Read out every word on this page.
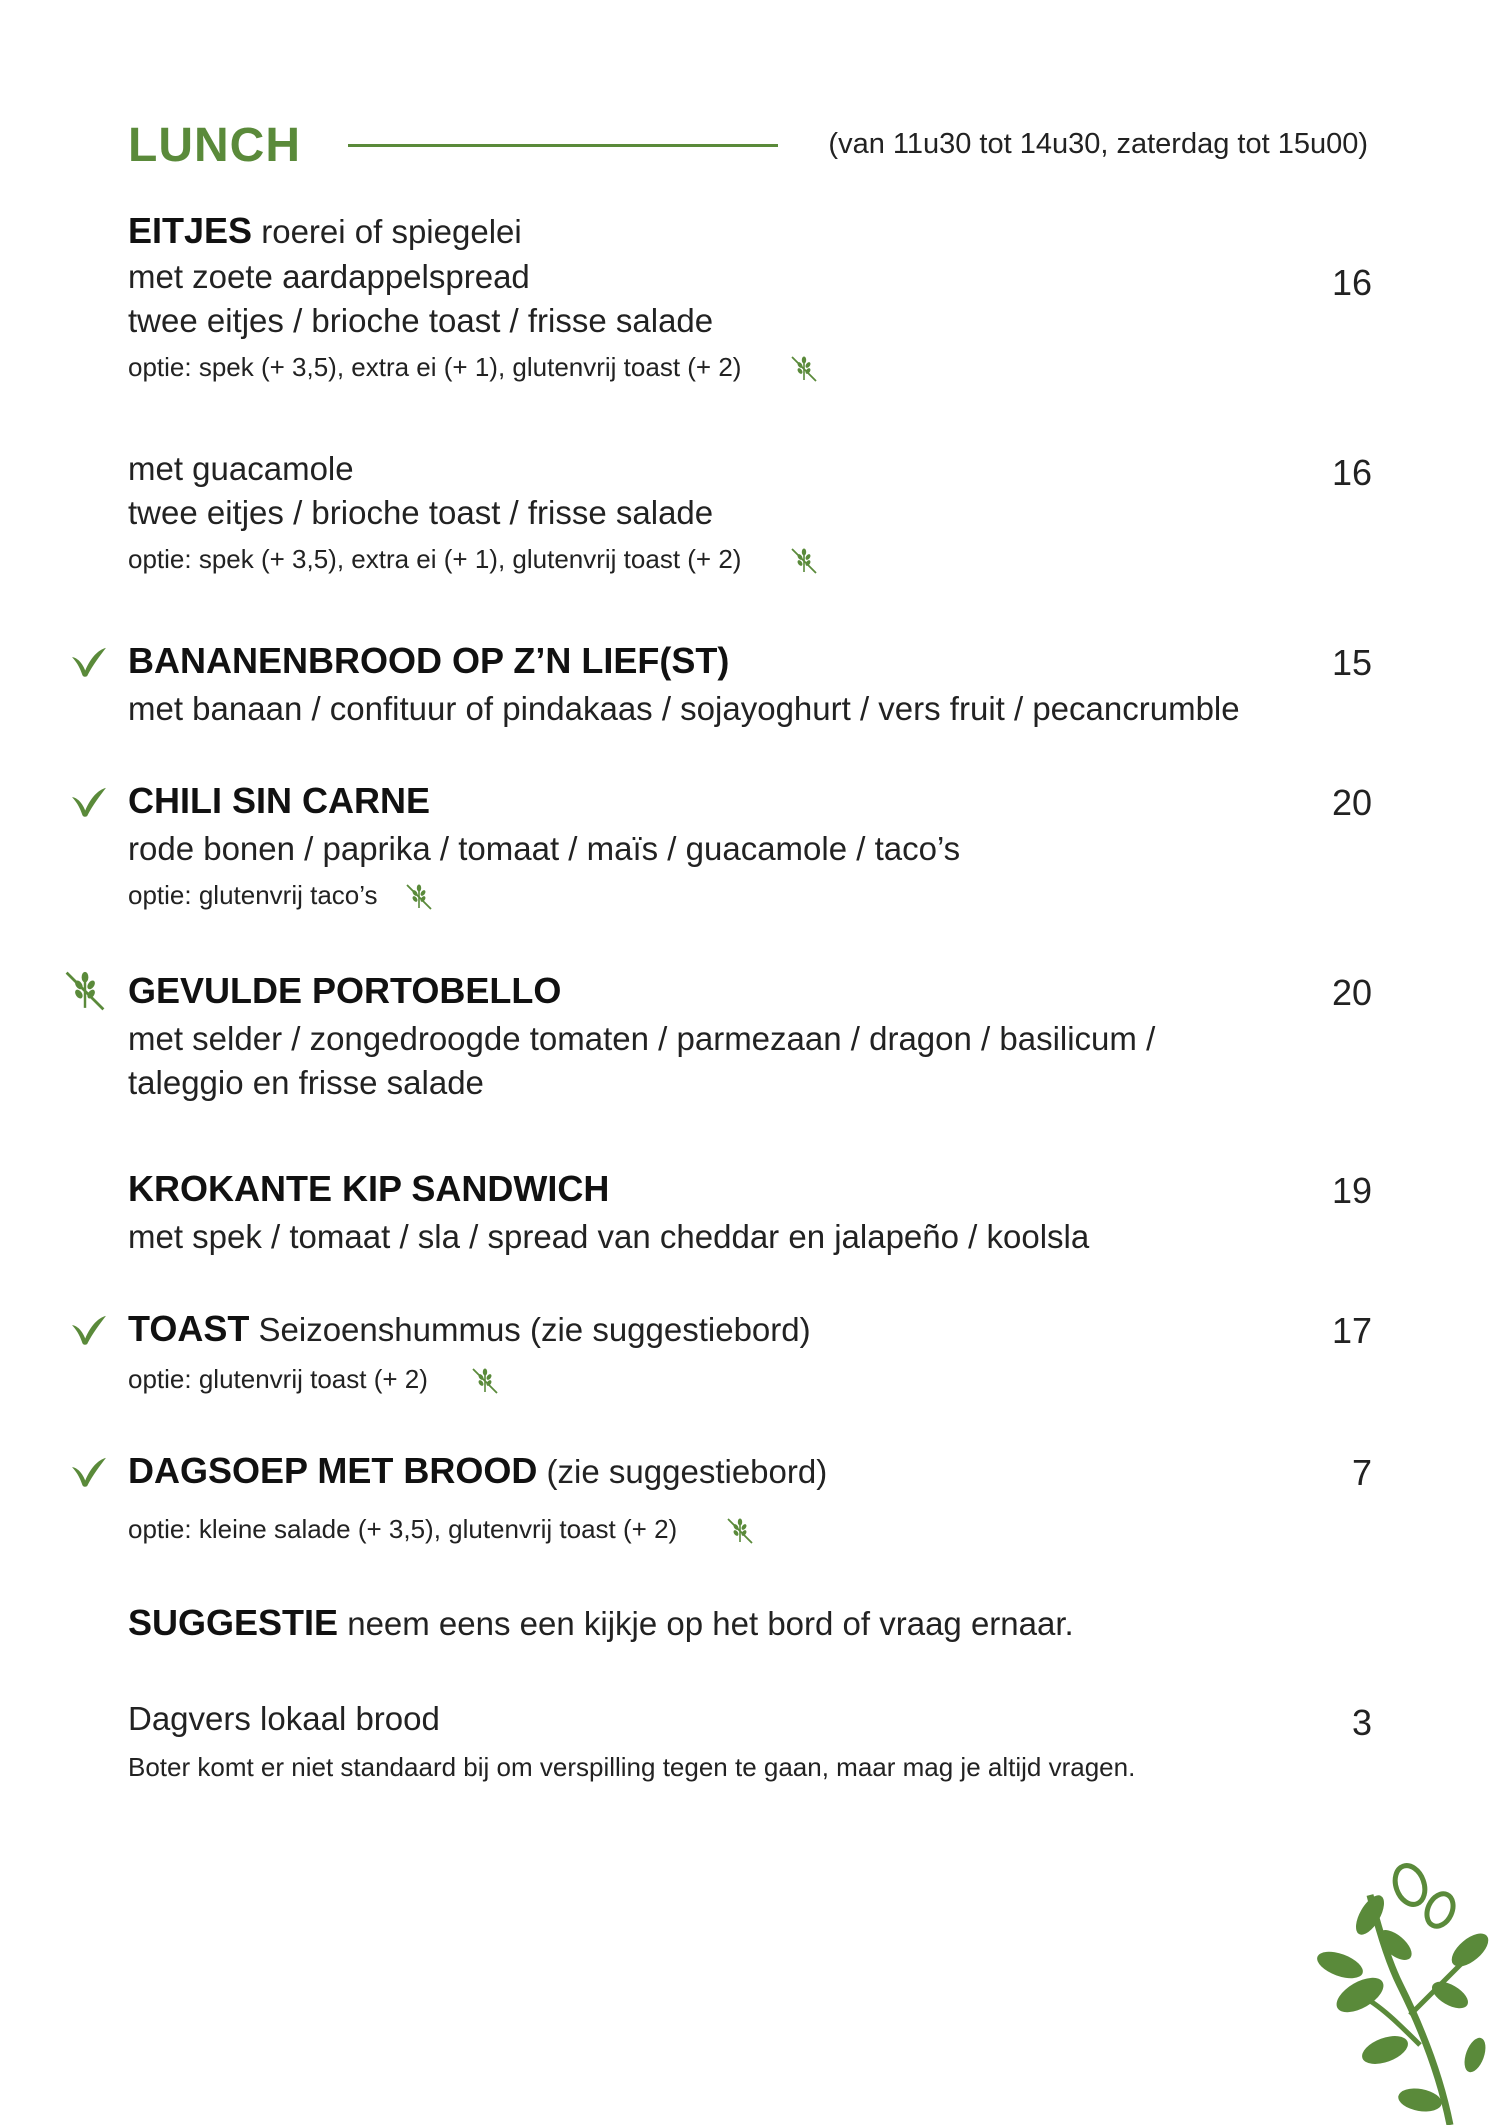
LUNCH	(van 11u30 tot 14u30, zaterdag tot 15u00)
EITJES roerei of spiegelei
met zoete aardappelspread
twee eitjes / brioche toast / frisse salade
optie: spek (+ 3,5), extra ei (+ 1), glutenvrij toast (+ 2)
16
met guacamole
twee eitjes / brioche toast / frisse salade
optie: spek (+ 3,5), extra ei (+ 1), glutenvrij toast (+ 2)
16
BANANENBROOD OP Z’N LIEF(ST)
met banaan / confituur of pindakaas / sojayoghurt / vers fruit / pecancrumble
15
CHILI SIN CARNE
rode bonen / paprika / tomaat / maïs / guacamole / taco’s
optie: glutenvrij taco’s
20
GEVULDE PORTOBELLO
met selder / zongedroogde tomaten / parmezaan / dragon / basilicum /
taleggio en frisse salade
20
KROKANTE KIP SANDWICH
met spek / tomaat / sla / spread van cheddar en jalapeño / koolsla
19
TOAST Seizoenshummus (zie suggestiebord)
optie: glutenvrij toast (+ 2)
17
DAGSOEP MET BROOD (zie suggestiebord)
optie: kleine salade (+ 3,5), glutenvrij toast (+ 2)
7
SUGGESTIE neem eens een kijkje op het bord of vraag ernaar.
Dagvers lokaal brood
Boter komt er niet standaard bij om verspilling tegen te gaan, maar mag je altijd vragen.
3
